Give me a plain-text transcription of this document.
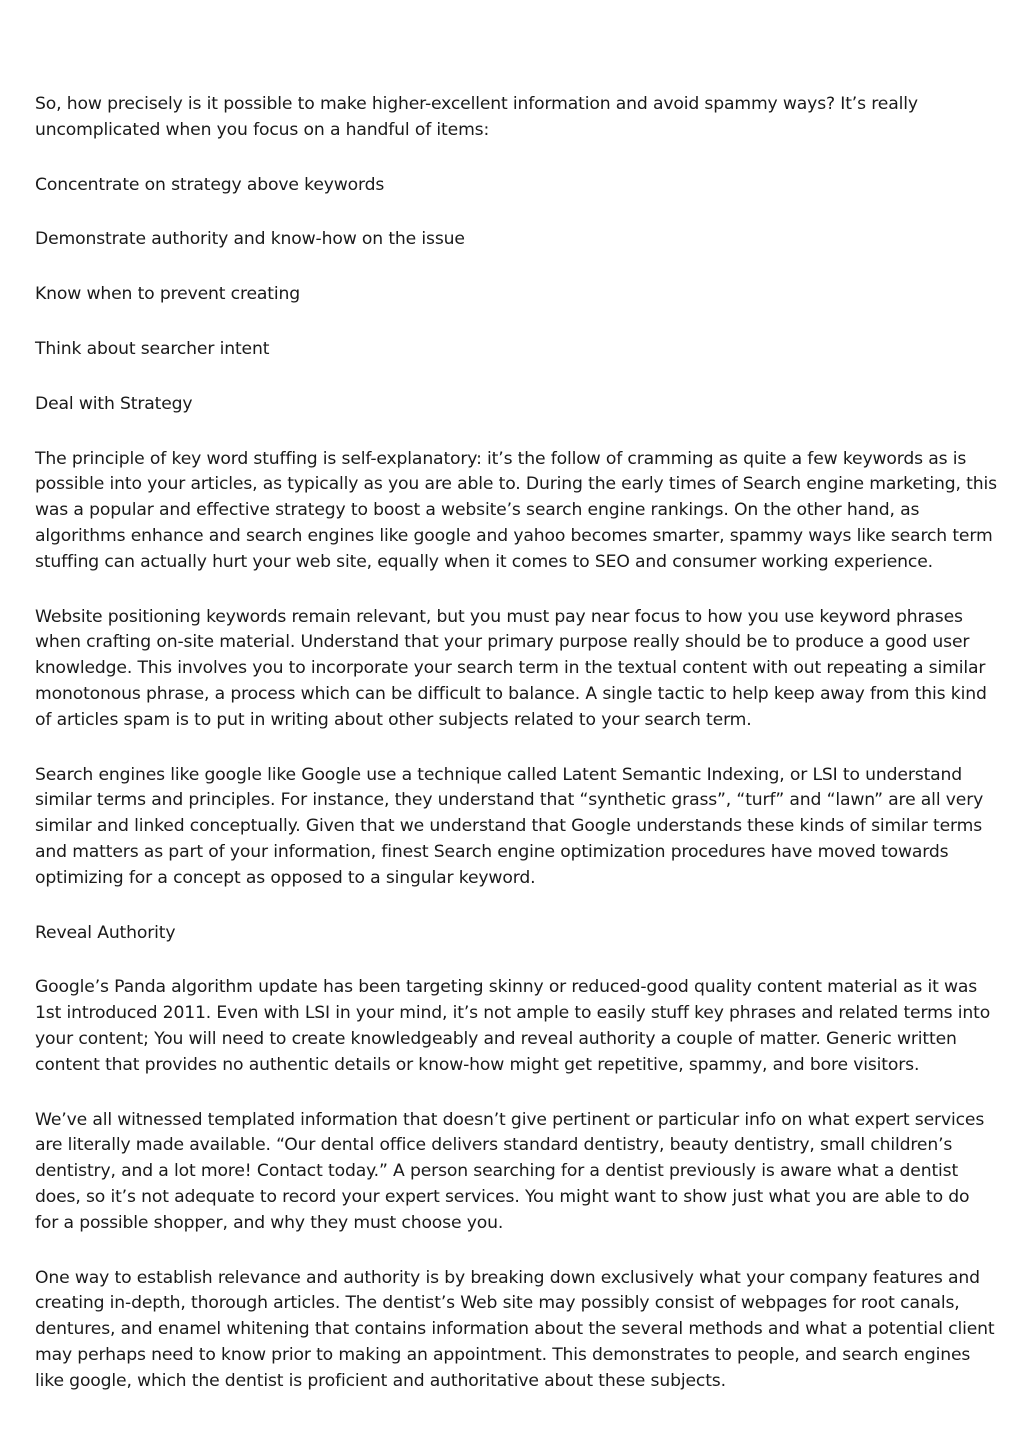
So, how precisely is it possible to make higher-excellent information and avoid spammy ways? It’s really uncomplicated when you focus on a handful of items:

Concentrate on strategy above keywords

Demonstrate authority and know-how on the issue

Know when to prevent creating

Think about searcher intent

Deal with Strategy

The principle of key word stuffing is self-explanatory: it’s the follow of cramming as quite a few keywords as is possible into your articles, as typically as you are able to. During the early times of Search engine marketing, this was a popular and effective strategy to boost a website’s search engine rankings. On the other hand, as algorithms enhance and search engines like google and yahoo becomes smarter, spammy ways like search term stuffing can actually hurt your web site, equally when it comes to SEO and consumer working experience.

Website positioning keywords remain relevant, but you must pay near focus to how you use keyword phrases when crafting on-site material. Understand that your primary purpose really should be to produce a good user knowledge. This involves you to incorporate your search term in the textual content with out repeating a similar monotonous phrase, a process which can be difficult to balance. A single tactic to help keep away from this kind of articles spam is to put in writing about other subjects related to your search term.

Search engines like google like Google use a technique called Latent Semantic Indexing, or LSI to understand similar terms and principles. For instance, they understand that “synthetic grass”, “turf” and “lawn” are all very similar and linked conceptually. Given that we understand that Google understands these kinds of similar terms and matters as part of your information, finest Search engine optimization procedures have moved towards optimizing for a concept as opposed to a singular keyword.

Reveal Authority

Google’s Panda algorithm update has been targeting skinny or reduced-good quality content material as it was 1st introduced 2011. Even with LSI in your mind, it’s not ample to easily stuff key phrases and related terms into your content; You will need to create knowledgeably and reveal authority a couple of matter. Generic written content that provides no authentic details or know-how might get repetitive, spammy, and bore visitors.

We’ve all witnessed templated information that doesn’t give pertinent or particular info on what expert services are literally made available. “Our dental office delivers standard dentistry, beauty dentistry, small children’s dentistry, and a lot more! Contact today.” A person searching for a dentist previously is aware what a dentist does, so it’s not adequate to record your expert services. You might want to show just what you are able to do for a possible shopper, and why they must choose you.

One way to establish relevance and authority is by breaking down exclusively what your company features and creating in-depth, thorough articles. The dentist’s Web site may possibly consist of webpages for root canals, dentures, and enamel whitening that contains information about the several methods and what a potential client may perhaps need to know prior to making an appointment. This demonstrates to people, and search engines like google, which the dentist is proficient and authoritative about these subjects.
